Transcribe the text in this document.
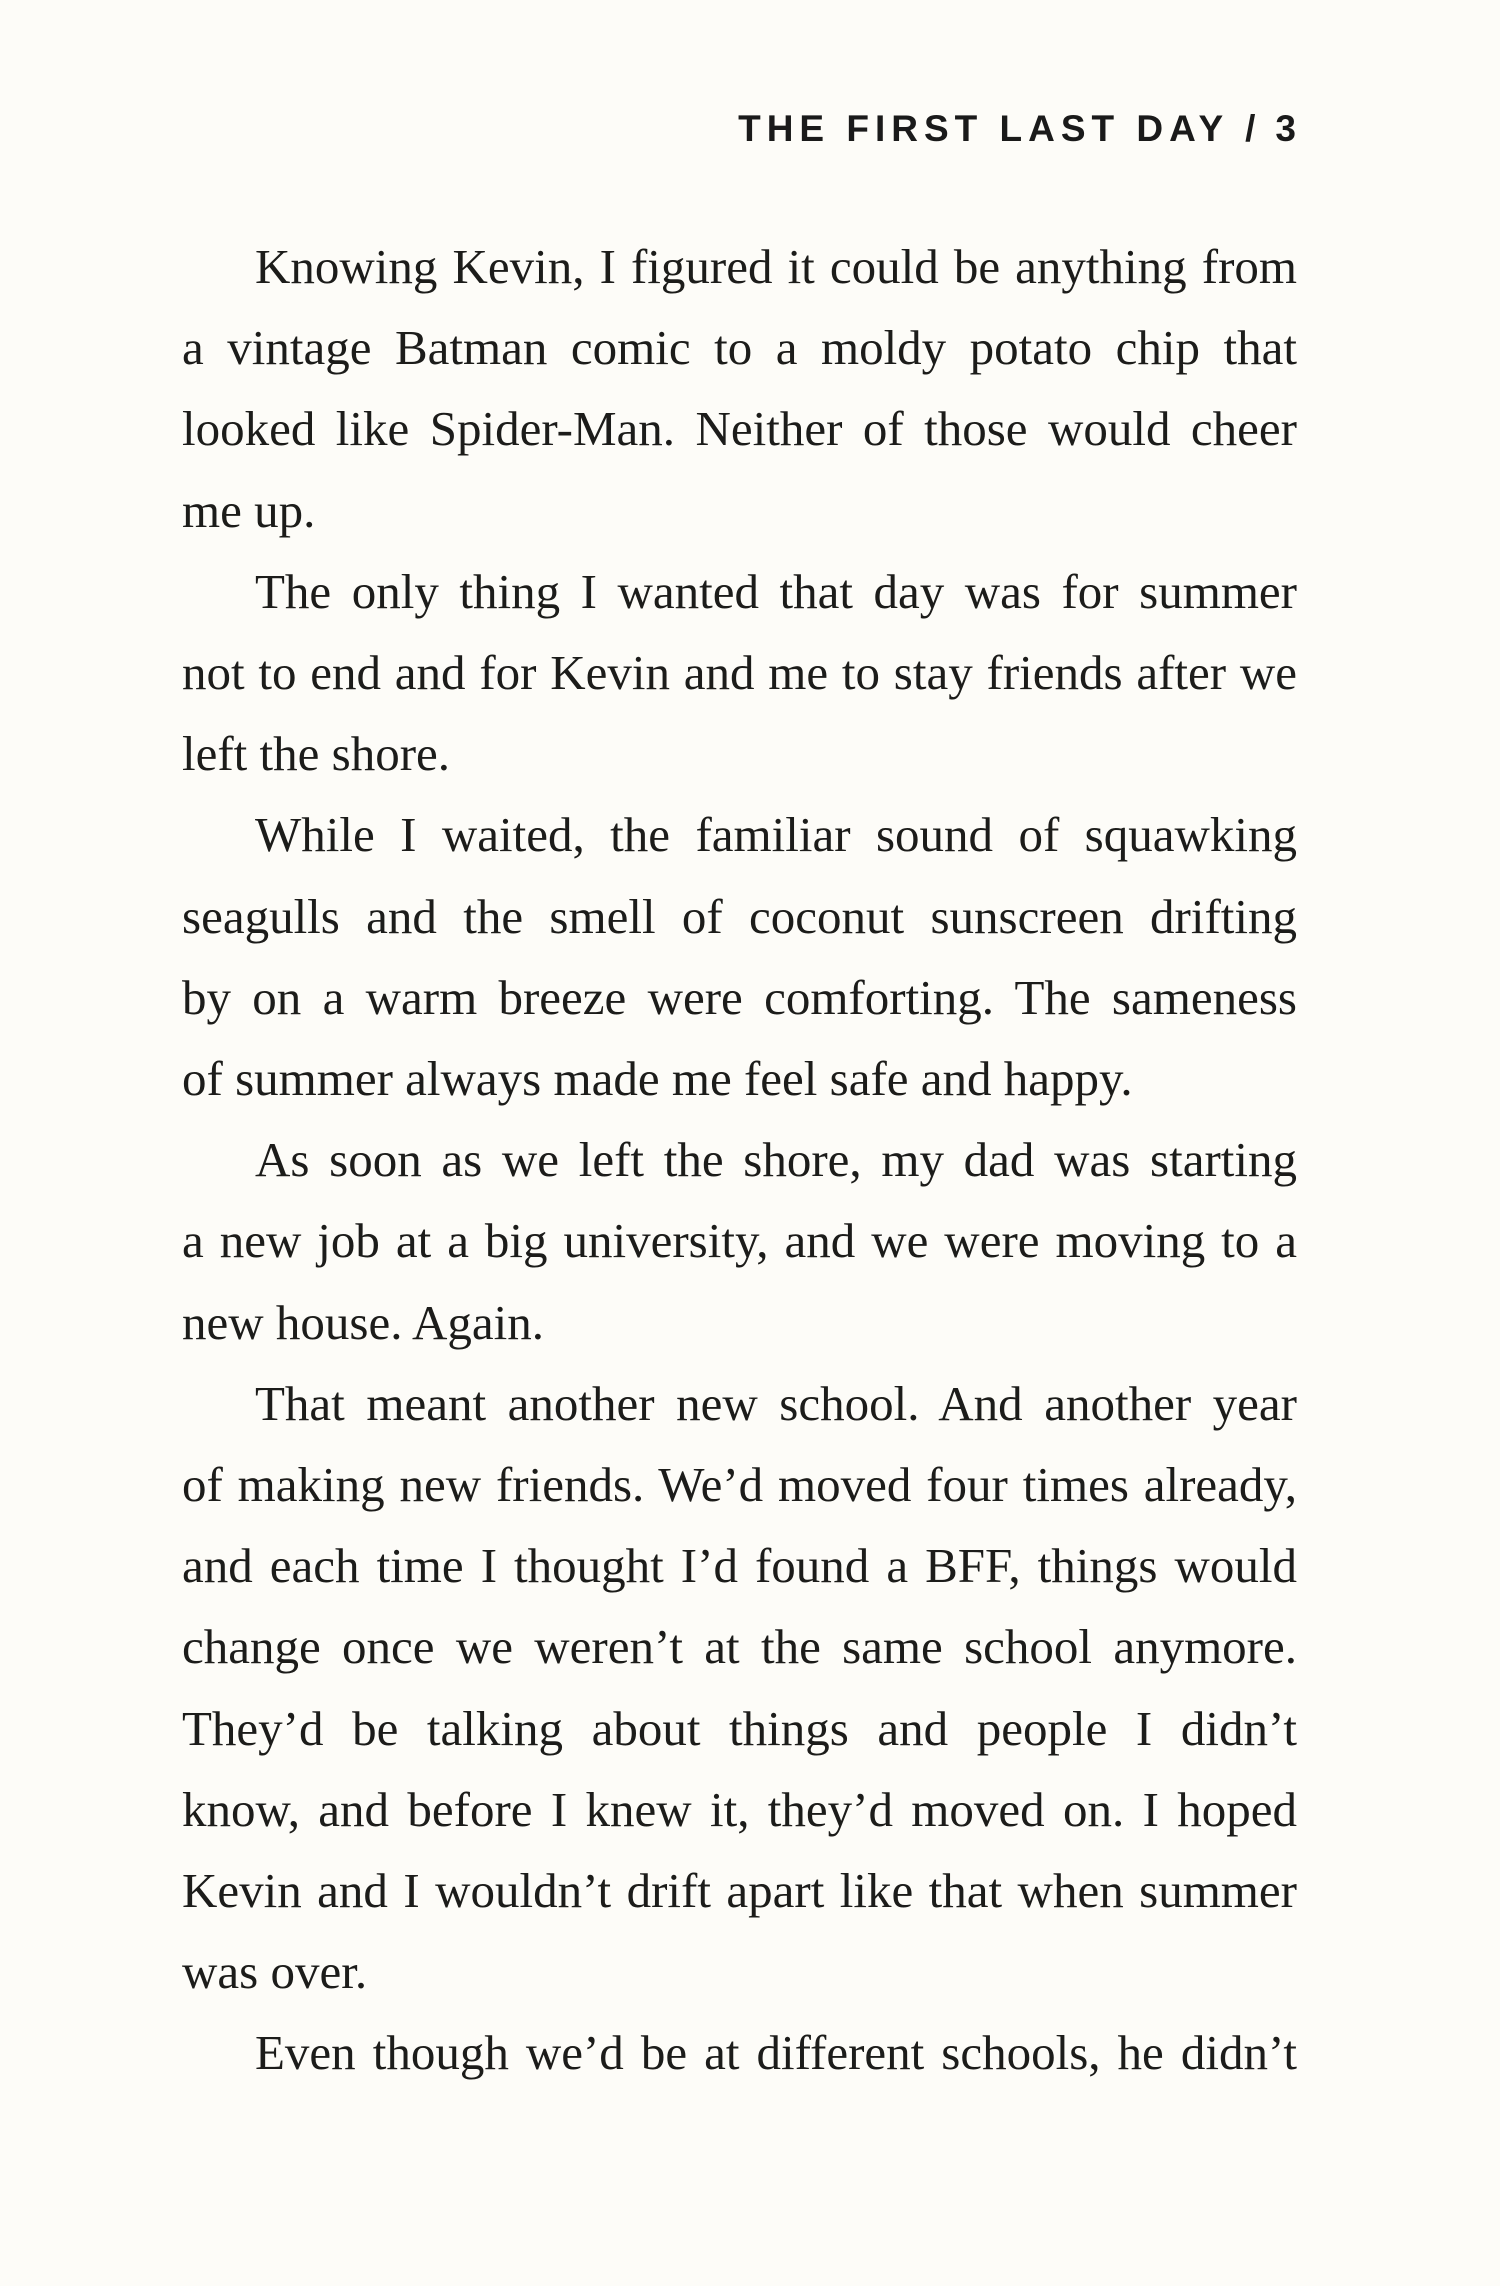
THE FIRST LAST DAY / 3

Knowing Kevin, I figured it could be anything from
a vintage Batman comic to a moldy potato chip that
looked like Spider-Man. Neither of those would cheer
me up.

The only thing I wanted that day was for summer
not to end and for Kevin and me to stay friends after we
left the shore.

While I waited, the familiar sound of squawking
seagulls and the smell of coconut sunscreen drifting
by on a warm breeze were comforting. The sameness
of summer always made me feel safe and happy.

As soon as we left the shore, my dad was starting
a new job at a big university, and we were moving to a
new house. Again.

That meant another new school. And another year
of making new friends. We’d moved four times already,
and each time I thought I’d found a BFF, things would
change once we weren’t at the same school anymore.
They’d be talking about things and people I didn’t
know, and before I knew it, they’d moved on. I hoped
Kevin and I wouldn’t drift apart like that when summer
was over.

Even though we’d be at different schools, he didn’t
